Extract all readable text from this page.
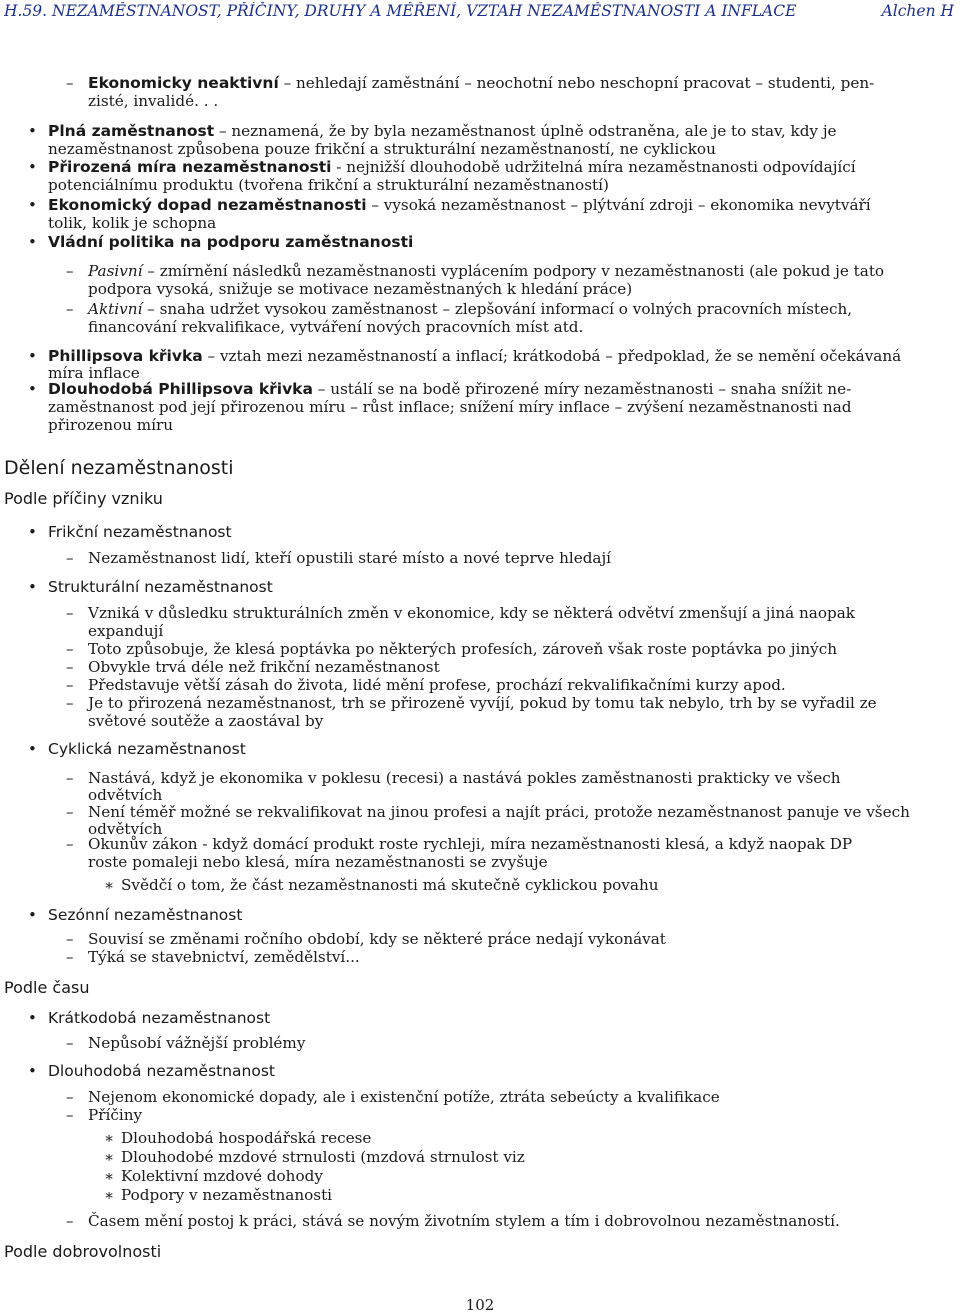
H.59. NEZAMĚSTNANOST, PŘÍČINY, DRUHY A MĚŘENÍ, VZTAH NEZAMĚSTNANOSTI A INFLACE	Alchen H
– Ekonomicky neaktivní – nehledají zaměstnání – neochotní nebo neschopní pracovat – studenti, pen-
zisté, invalidé. . .
• Plná zaměstnanost – neznamená, že by byla nezaměstnanost úplně odstraněna, ale je to stav, kdy je
nezaměstnanost způsobena pouze frikční a strukturální nezaměstnaností, ne cyklickou
• Přirozená míra nezaměstnanosti - nejnižší dlouhodobě udržitelná míra nezaměstnanosti odpovídající
potenciálnímu produktu (tvořena frikční a strukturální nezaměstnaností)
• Ekonomický dopad nezaměstnanosti – vysoká nezaměstnanost – plýtvání zdroji – ekonomika nevytváří
tolik, kolik je schopna
• Vládní politika na podporu zaměstnanosti
– Pasivní – zmírnění následků nezaměstnanosti vyplácením podpory v nezaměstnanosti (ale pokud je tato
podpora vysoká, snižuje se motivace nezaměstnaných k hledání práce)
– Aktivní – snaha udržet vysokou zaměstnanost – zlepšování informací o volných pracovních místech,
financování rekvalifikace, vytváření nových pracovních míst atd.
• Phillipsova křivka – vztah mezi nezaměstnaností a inflací; krátkodobá – předpoklad, že se nemění očekávaná
míra inflace
• Dlouhodobá Phillipsova křivka – ustálí se na bodě přirozené míry nezaměstnanosti – snaha snížit ne-
zaměstnanost pod její přirozenou míru – růst inflace; snížení míry inflace – zvýšení nezaměstnanosti nad
přirozenou míru
Dělení nezaměstnanosti
Podle příčiny vzniku
• Frikční nezaměstnanost
– Nezaměstnanost lidí, kteří opustili staré místo a nové teprve hledají
• Strukturální nezaměstnanost
– Vzniká v důsledku strukturálních změn v ekonomice, kdy se některá odvětví zmenšují a jiná naopak
expandují
– Toto způsobuje, že klesá poptávka po některých profesích, zároveň však roste poptávka po jiných
– Obvykle trvá déle než frikční nezaměstnanost
– Představuje větší zásah do života, lidé mění profese, prochází rekvalifikačními kurzy apod.
– Je to přirozená nezaměstnanost, trh se přirozeně vyvíjí, pokud by tomu tak nebylo, trh by se vyřadil ze
světové soutěže a zaostával by
• Cyklická nezaměstnanost
– Nastává, když je ekonomika v poklesu (recesi) a nastává pokles zaměstnanosti prakticky ve všech
odvětvích
– Není téměř možné se rekvalifikovat na jinou profesi a najít práci, protože nezaměstnanost panuje ve všech
odvětvích
– Okunův zákon - když domácí produkt roste rychleji, míra nezaměstnanosti klesá, a když naopak DP
roste pomaleji nebo klesá, míra nezaměstnanosti se zvyšuje
∗ Svědčí o tom, že část nezaměstnanosti má skutečně cyklickou povahu
• Sezónní nezaměstnanost
– Souvisí se změnami ročního období, kdy se některé práce nedají vykonávat
– Týká se stavebnictví, zemědělství...
Podle času
• Krátkodobá nezaměstnanost
– Nepůsobí vážnější problémy
• Dlouhodobá nezaměstnanost
– Nejenom ekonomické dopady, ale i existenční potíže, ztráta sebeúcty a kvalifikace
– Příčiny
∗ Dlouhodobá hospodářská recese
∗ Dlouhodobé mzdové strnulosti (mzdová strnulost viz
∗ Kolektivní mzdové dohody
∗ Podpory v nezaměstnanosti
– Časem mění postoj k práci, stává se novým životním stylem a tím i dobrovolnou nezaměstnaností.
Podle dobrovolnosti
102
